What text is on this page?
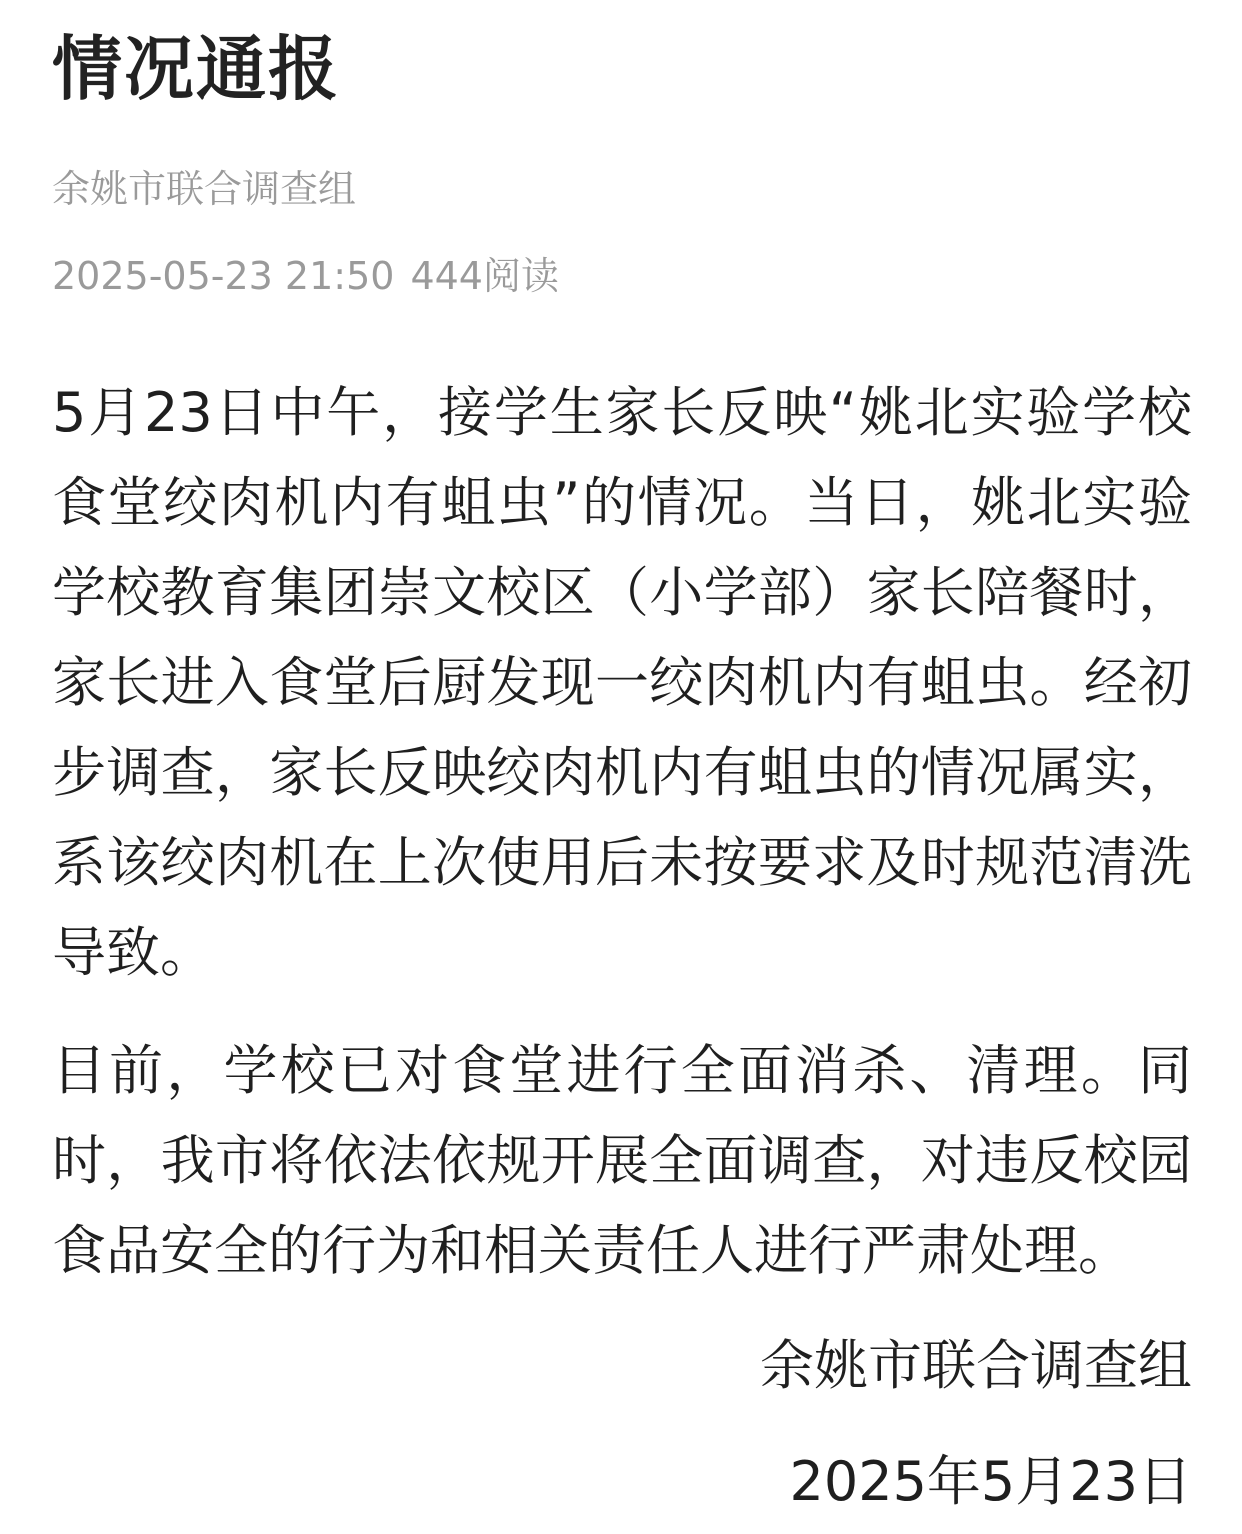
情况通报
余姚市联合调查组
2025-05-23 21:50 444阅读

5月23日中午，接学生家长反映“姚北实验学校食堂绞肉机内有蛆虫”的情况。当日，姚北实验学校教育集团崇文校区（小学部）家长陪餐时，家长进入食堂后厨发现一绞肉机内有蛆虫。经初步调查，家长反映绞肉机内有蛆虫的情况属实，系该绞肉机在上次使用后未按要求及时规范清洗导致。

目前，学校已对食堂进行全面消杀、清理。同时，我市将依法依规开展全面调查，对违反校园食品安全的行为和相关责任人进行严肃处理。

余姚市联合调查组
2025年5月23日
